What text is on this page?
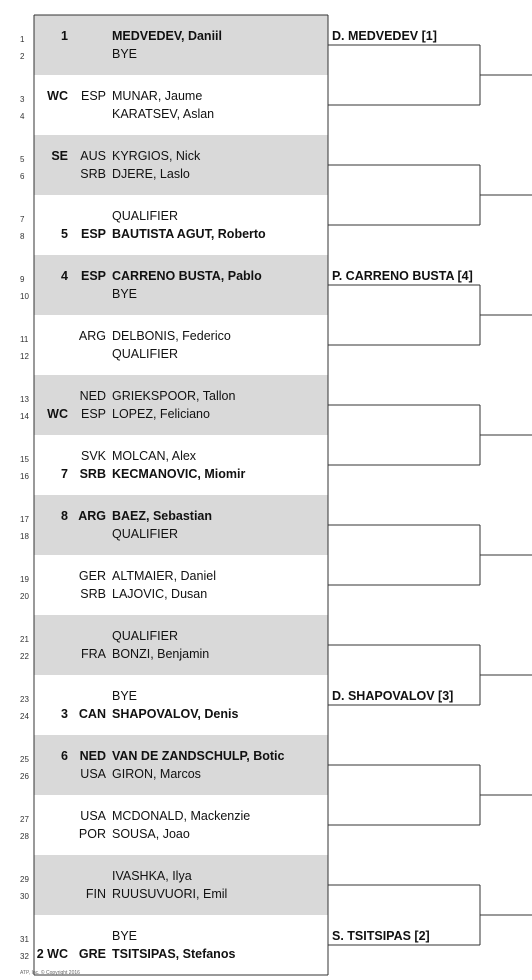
1
2
1	MEDVEDEV, Daniil
BYE
3
4
WC	ESP MUNAR, Jaume
KARATSEV, Aslan
5
6
SE AUS KYRGIOS, Nick
SRB DJERE, Laslo
7
8
QUALIFIER
5	ESP BAUTISTA AGUT, Roberto
9
10
4	ESP CARRENO BUSTA, Pablo
BYE
11
12
ARG DELBONIS, Federico
QUALIFIER
13
14
NED GRIEKSPOOR, Tallon
WC	ESP LOPEZ, Feliciano
15
16
SVK MOLCAN, Alex
7 SRB KECMANOVIC, Miomir
17
18
8 ARG BAEZ, Sebastian
QUALIFIER
19
20
GER ALTMAIER, Daniel
SRB LAJOVIC, Dusan
21
22
QUALIFIER
FRA BONZI, Benjamin
23
24
BYE
3 CAN SHAPOVALOV, Denis
25
26
6 NED VAN DE ZANDSCHULP, Botic
USA GIRON, Marcos
27
28
USA MCDONALD, Mackenzie
POR SOUSA, Joao
29
30
IVASHKA, Ilya
FIN RUUSUVUORI, Emil
31
32
BYE
2 WC GRE TSITSIPAS, Stefanos
D. MEDVEDEV [1]
P. CARRENO BUSTA [4]
D. SHAPOVALOV [3]
S. TSITSIPAS [2]
ATP, Inc. © Copyright 2016
